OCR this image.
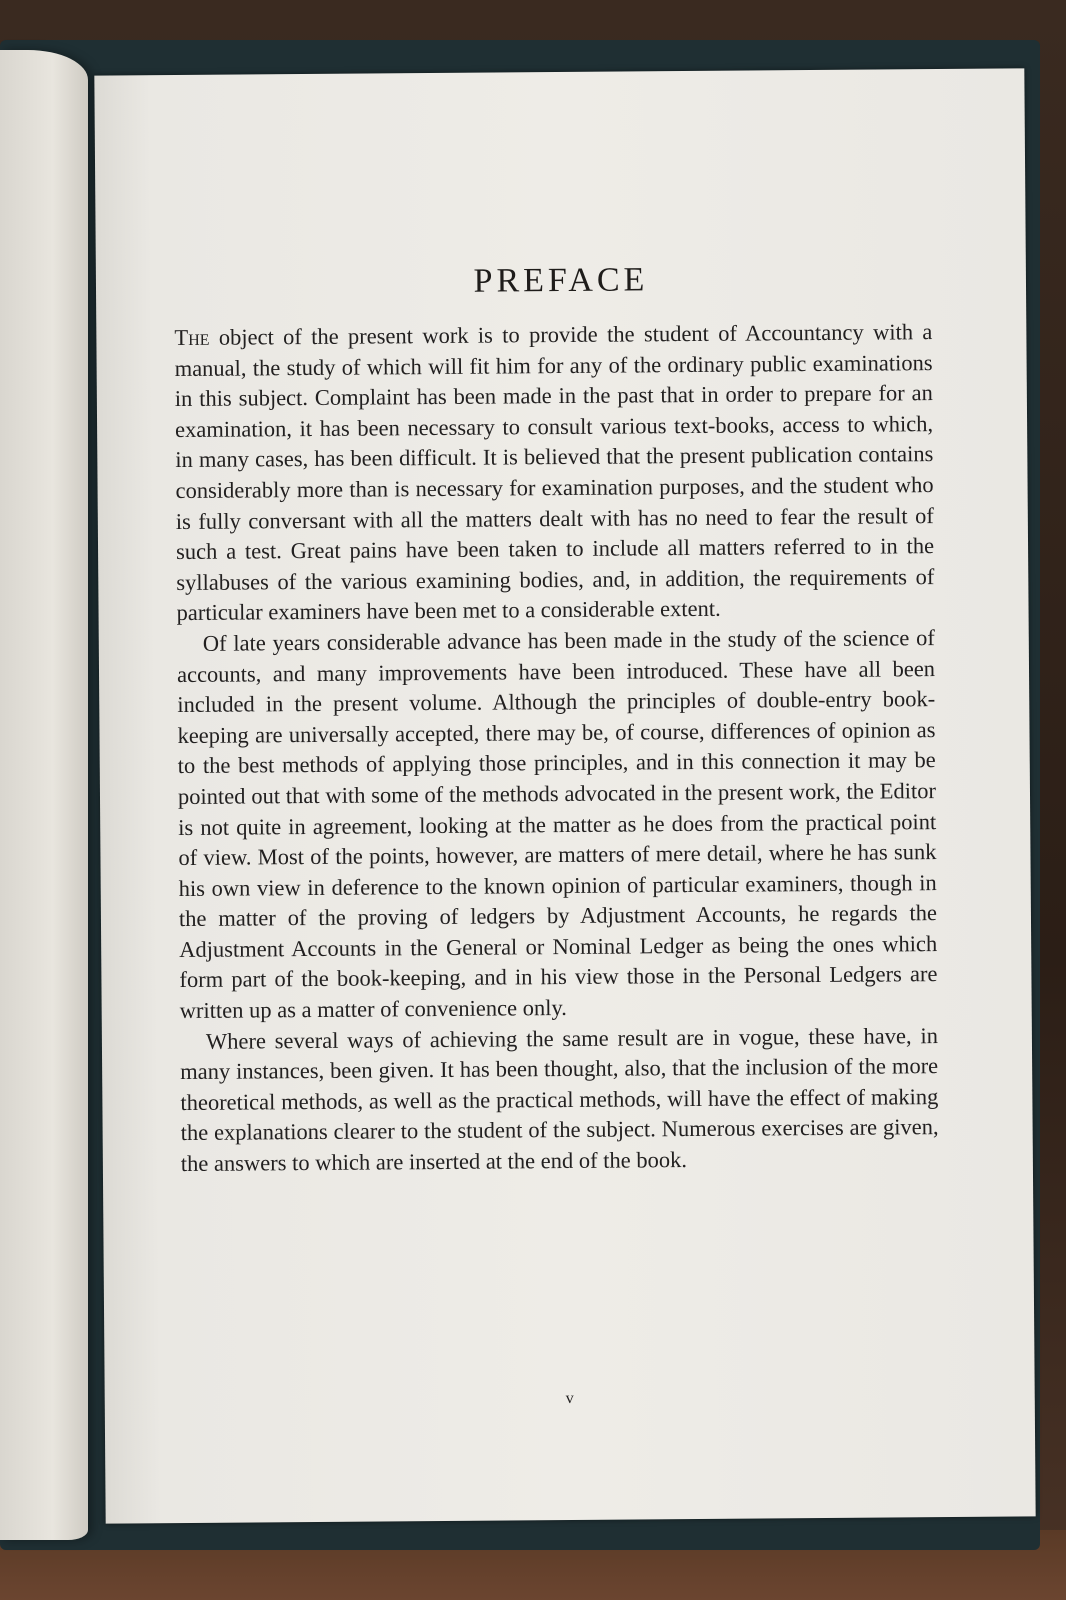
PREFACE

The object of the present work is to provide the student of Accountancy with a manual, the study of which will fit him for any of the ordinary public examinations in this subject. Complaint has been made in the past that in order to prepare for an examination, it has been necessary to consult various text-books, access to which, in many cases, has been difficult. It is believed that the present publication contains considerably more than is necessary for examination purposes, and the student who is fully conversant with all the matters dealt with has no need to fear the result of such a test. Great pains have been taken to include all matters referred to in the syllabuses of the various examining bodies, and, in addition, the requirements of particular examiners have been met to a considerable extent.

Of late years considerable advance has been made in the study of the science of accounts, and many improvements have been introduced. These have all been included in the present volume. Although the principles of double-entry book-keeping are universally accepted, there may be, of course, differences of opinion as to the best methods of applying those principles, and in this connection it may be pointed out that with some of the methods advocated in the present work, the Editor is not quite in agreement, looking at the matter as he does from the practical point of view. Most of the points, however, are matters of mere detail, where he has sunk his own view in deference to the known opinion of particular examiners, though in the matter of the proving of ledgers by Adjustment Accounts, he regards the Adjustment Accounts in the General or Nominal Ledger as being the ones which form part of the book-keeping, and in his view those in the Personal Ledgers are written up as a matter of convenience only.

Where several ways of achieving the same result are in vogue, these have, in many instances, been given. It has been thought, also, that the inclusion of the more theoretical methods, as well as the practical methods, will have the effect of making the explanations clearer to the student of the subject. Numerous exercises are given, the answers to which are inserted at the end of the book.

v
